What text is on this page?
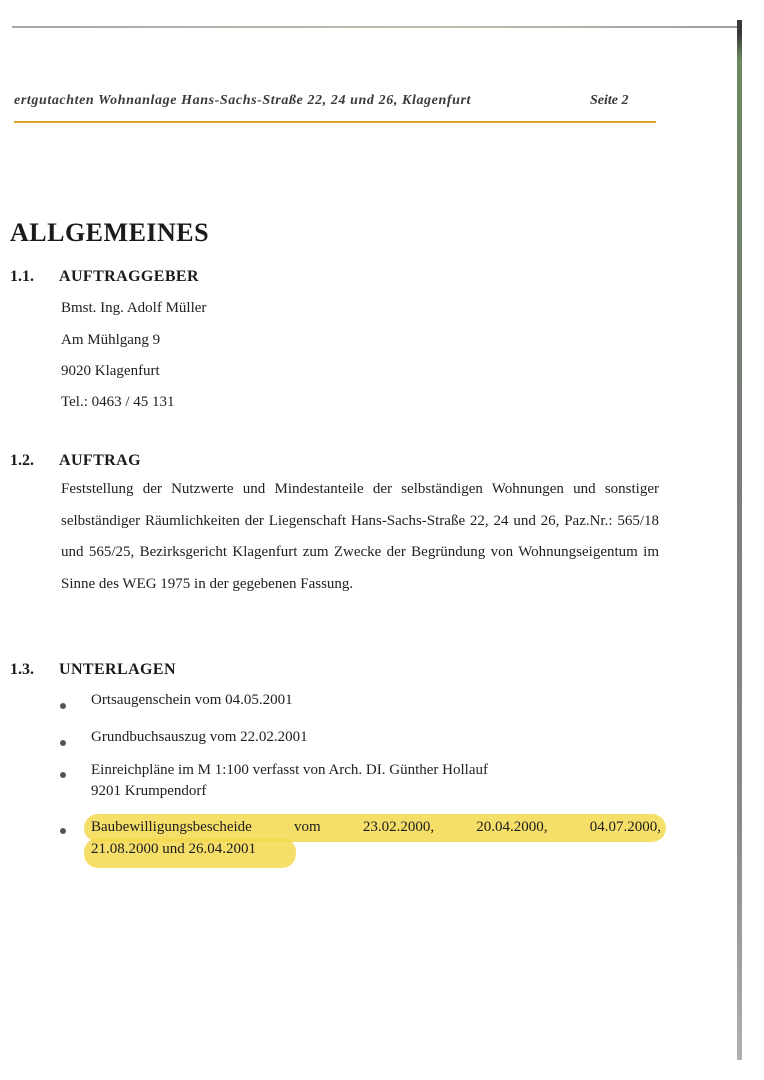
ertgutachten Wohnanlage Hans-Sachs-Straße 22, 24 und 26, Klagenfurt	Seite 2
ALLGEMEINES
1.1. AUFTRAGGEBER
Bmst. Ing. Adolf Müller
Am Mühlgang 9
9020 Klagenfurt
Tel.: 0463 / 45 131
1.2. AUFTRAG

Feststellung der Nutzwerte und Mindestanteile der selbständigen Wohnungen und sonstiger selbständiger Räumlichkeiten der Liegenschaft Hans-Sachs-Straße 22, 24 und 26, Paz.Nr.: 565/18 und 565/25, Bezirksgericht Klagenfurt zum Zwecke der Begründung von Wohnungseigentum im Sinne des WEG 1975 in der gegebenen Fassung.

1.3. UNTERLAGEN
Ortsaugenschein vom 04.05.2001
Grundbuchsauszug vom 22.02.2001
Einreichpläne im M 1:100 verfasst von Arch. DI. Günther Hollauf
9201 Krumpendorf
Baubewilligungsbescheide	vom	23.02.2000,	20.04.2000,	04.07.2000,
21.08.2000 und 26.04.2001
